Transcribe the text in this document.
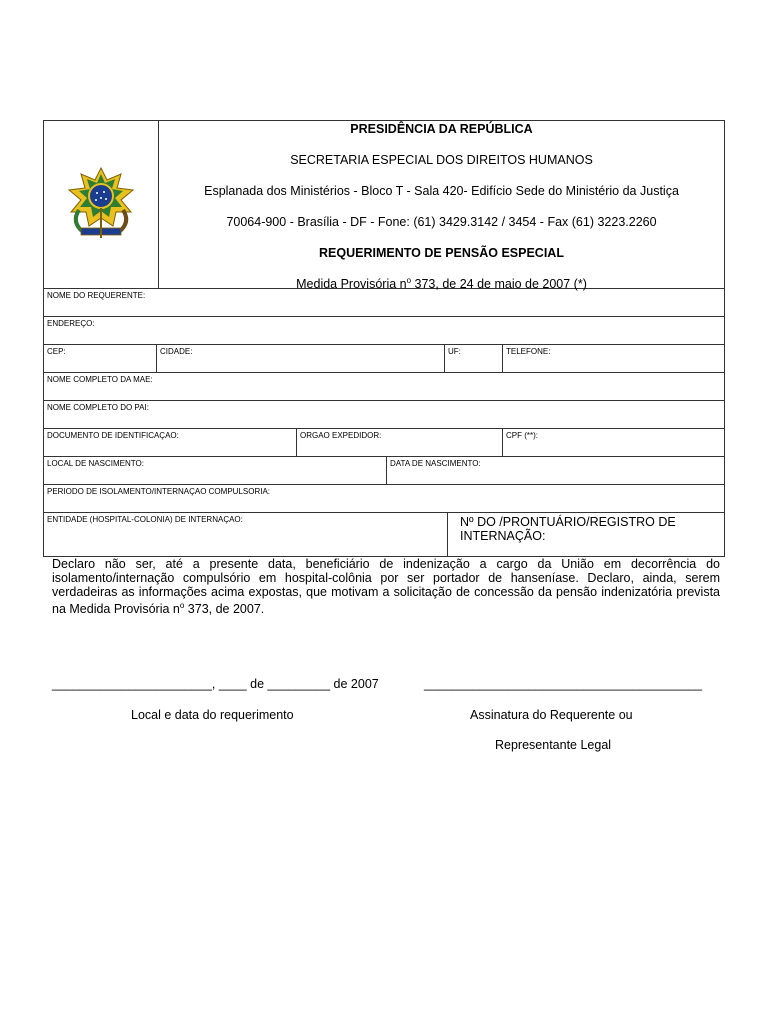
PRESIDÊNCIA DA REPÚBLICA
SECRETARIA ESPECIAL DOS DIREITOS HUMANOS
Esplanada dos Ministérios - Bloco T - Sala 420- Edifício Sede do Ministério da Justiça
70064-900 - Brasília - DF - Fone: (61) 3429.3142 / 3454 - Fax (61) 3223.2260
REQUERIMENTO DE PENSÃO ESPECIAL
Medida Provisória $n^o$ 373, de 24 de maio de 2007 (*)
NOME DO REQUERENTE:
ENDEREÇO:
CEP:	CIDADE:	UF:	TELEFONE:
NOME COMPLETO DA MAE:
NOME COMPLETO DO PAI:
DOCUMENTO DE IDENTIFICAÇAO:	ORGAO EXPEDIDOR:	CPF (**):
LOCAL DE NASCIMENTO:	DATA DE NASCIMENTO:
PERIODO DE ISOLAMENTO/INTERNAÇAO COMPULSORIA:
ENTIDADE (HOSPITAL-COLONIA) DE INTERNAÇAO:	Nº DO /PRONTUÁRIO/REGISTRO DE INTERNAÇÃO:
Declaro não ser, até a presente data, beneficiário de indenização a cargo da União em decorrência do isolamento/internação compulsório em hospital-colônia por ser portador de hanseníase. Declaro, ainda, serem verdadeiras as informações acima expostas, que motivam a solicitação de concessão da pensão indenizatória prevista na Medida Provisória $n^o$ 373, de 2007.
_______________________, ____ de _________ de 2007	________________________________________
Local e data do requerimento	Assinatura do Requerente ou
Representante Legal
